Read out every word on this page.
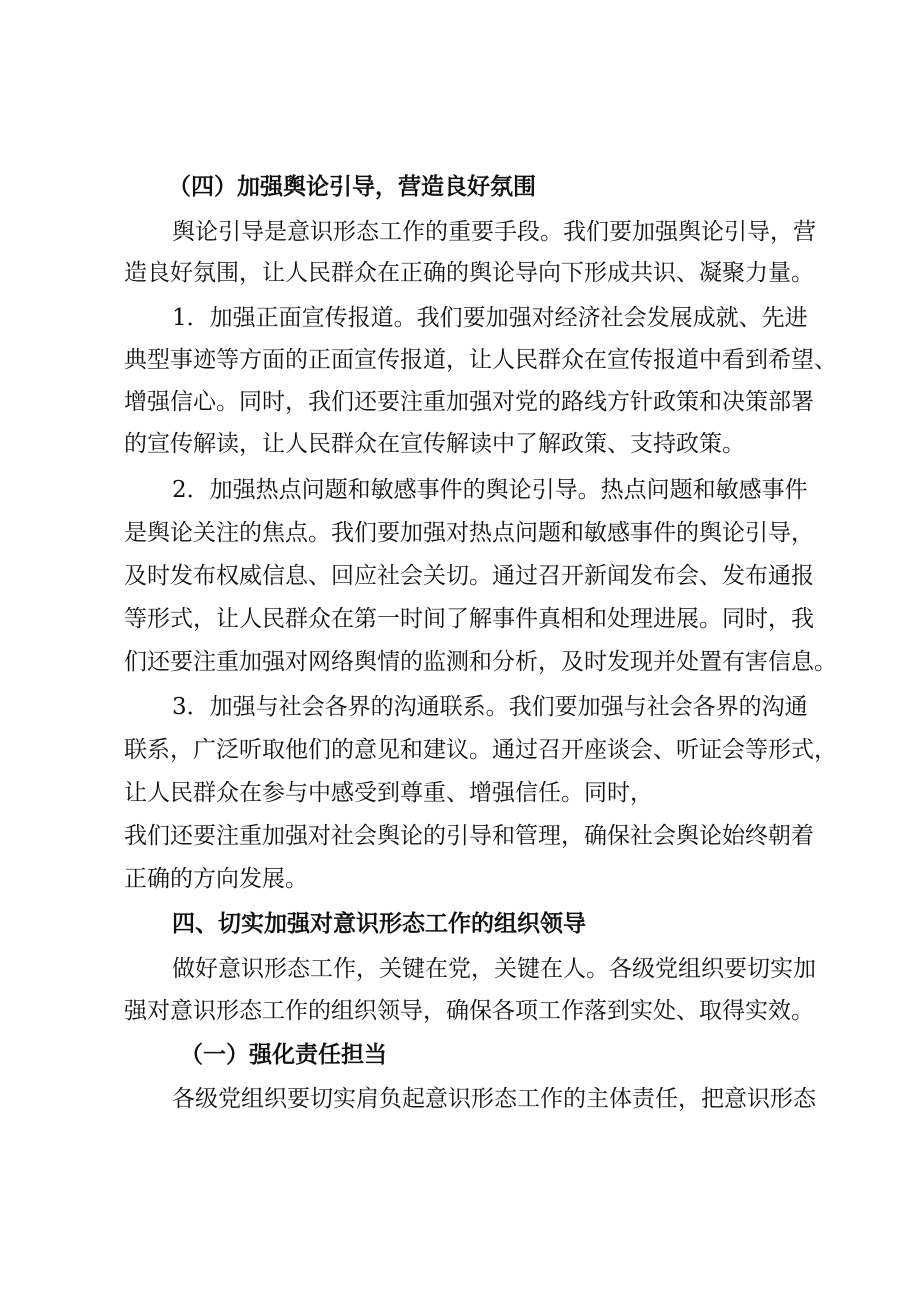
（四）加强舆论引导，营造良好氛围

舆论引导是意识形态工作的重要手段。我们要加强舆论引导，营

造良好氛围，让人民群众在正确的舆论导向下形成共识、凝聚力量。

1．加强正面宣传报道。我们要加强对经济社会发展成就、先进

典型事迹等方面的正面宣传报道，让人民群众在宣传报道中看到希望、

增强信心。同时，我们还要注重加强对党的路线方针政策和决策部署

的宣传解读，让人民群众在宣传解读中了解政策、支持政策。

2．加强热点问题和敏感事件的舆论引导。热点问题和敏感事件

是舆论关注的焦点。我们要加强对热点问题和敏感事件的舆论引导，

及时发布权威信息、回应社会关切。通过召开新闻发布会、发布通报

等形式，让人民群众在第一时间了解事件真相和处理进展。同时，我

们还要注重加强对网络舆情的监测和分析，及时发现并处置有害信息。

3．加强与社会各界的沟通联系。我们要加强与社会各界的沟通

联系，广泛听取他们的意见和建议。通过召开座谈会、听证会等形式，

让人民群众在参与中感受到尊重、增强信任。同时，

我们还要注重加强对社会舆论的引导和管理，确保社会舆论始终朝着

正确的方向发展。

四、切实加强对意识形态工作的组织领导

做好意识形态工作，关键在党，关键在人。各级党组织要切实加

强对意识形态工作的组织领导，确保各项工作落到实处、取得实效。

（一）强化责任担当

各级党组织要切实肩负起意识形态工作的主体责任，把意识形态
